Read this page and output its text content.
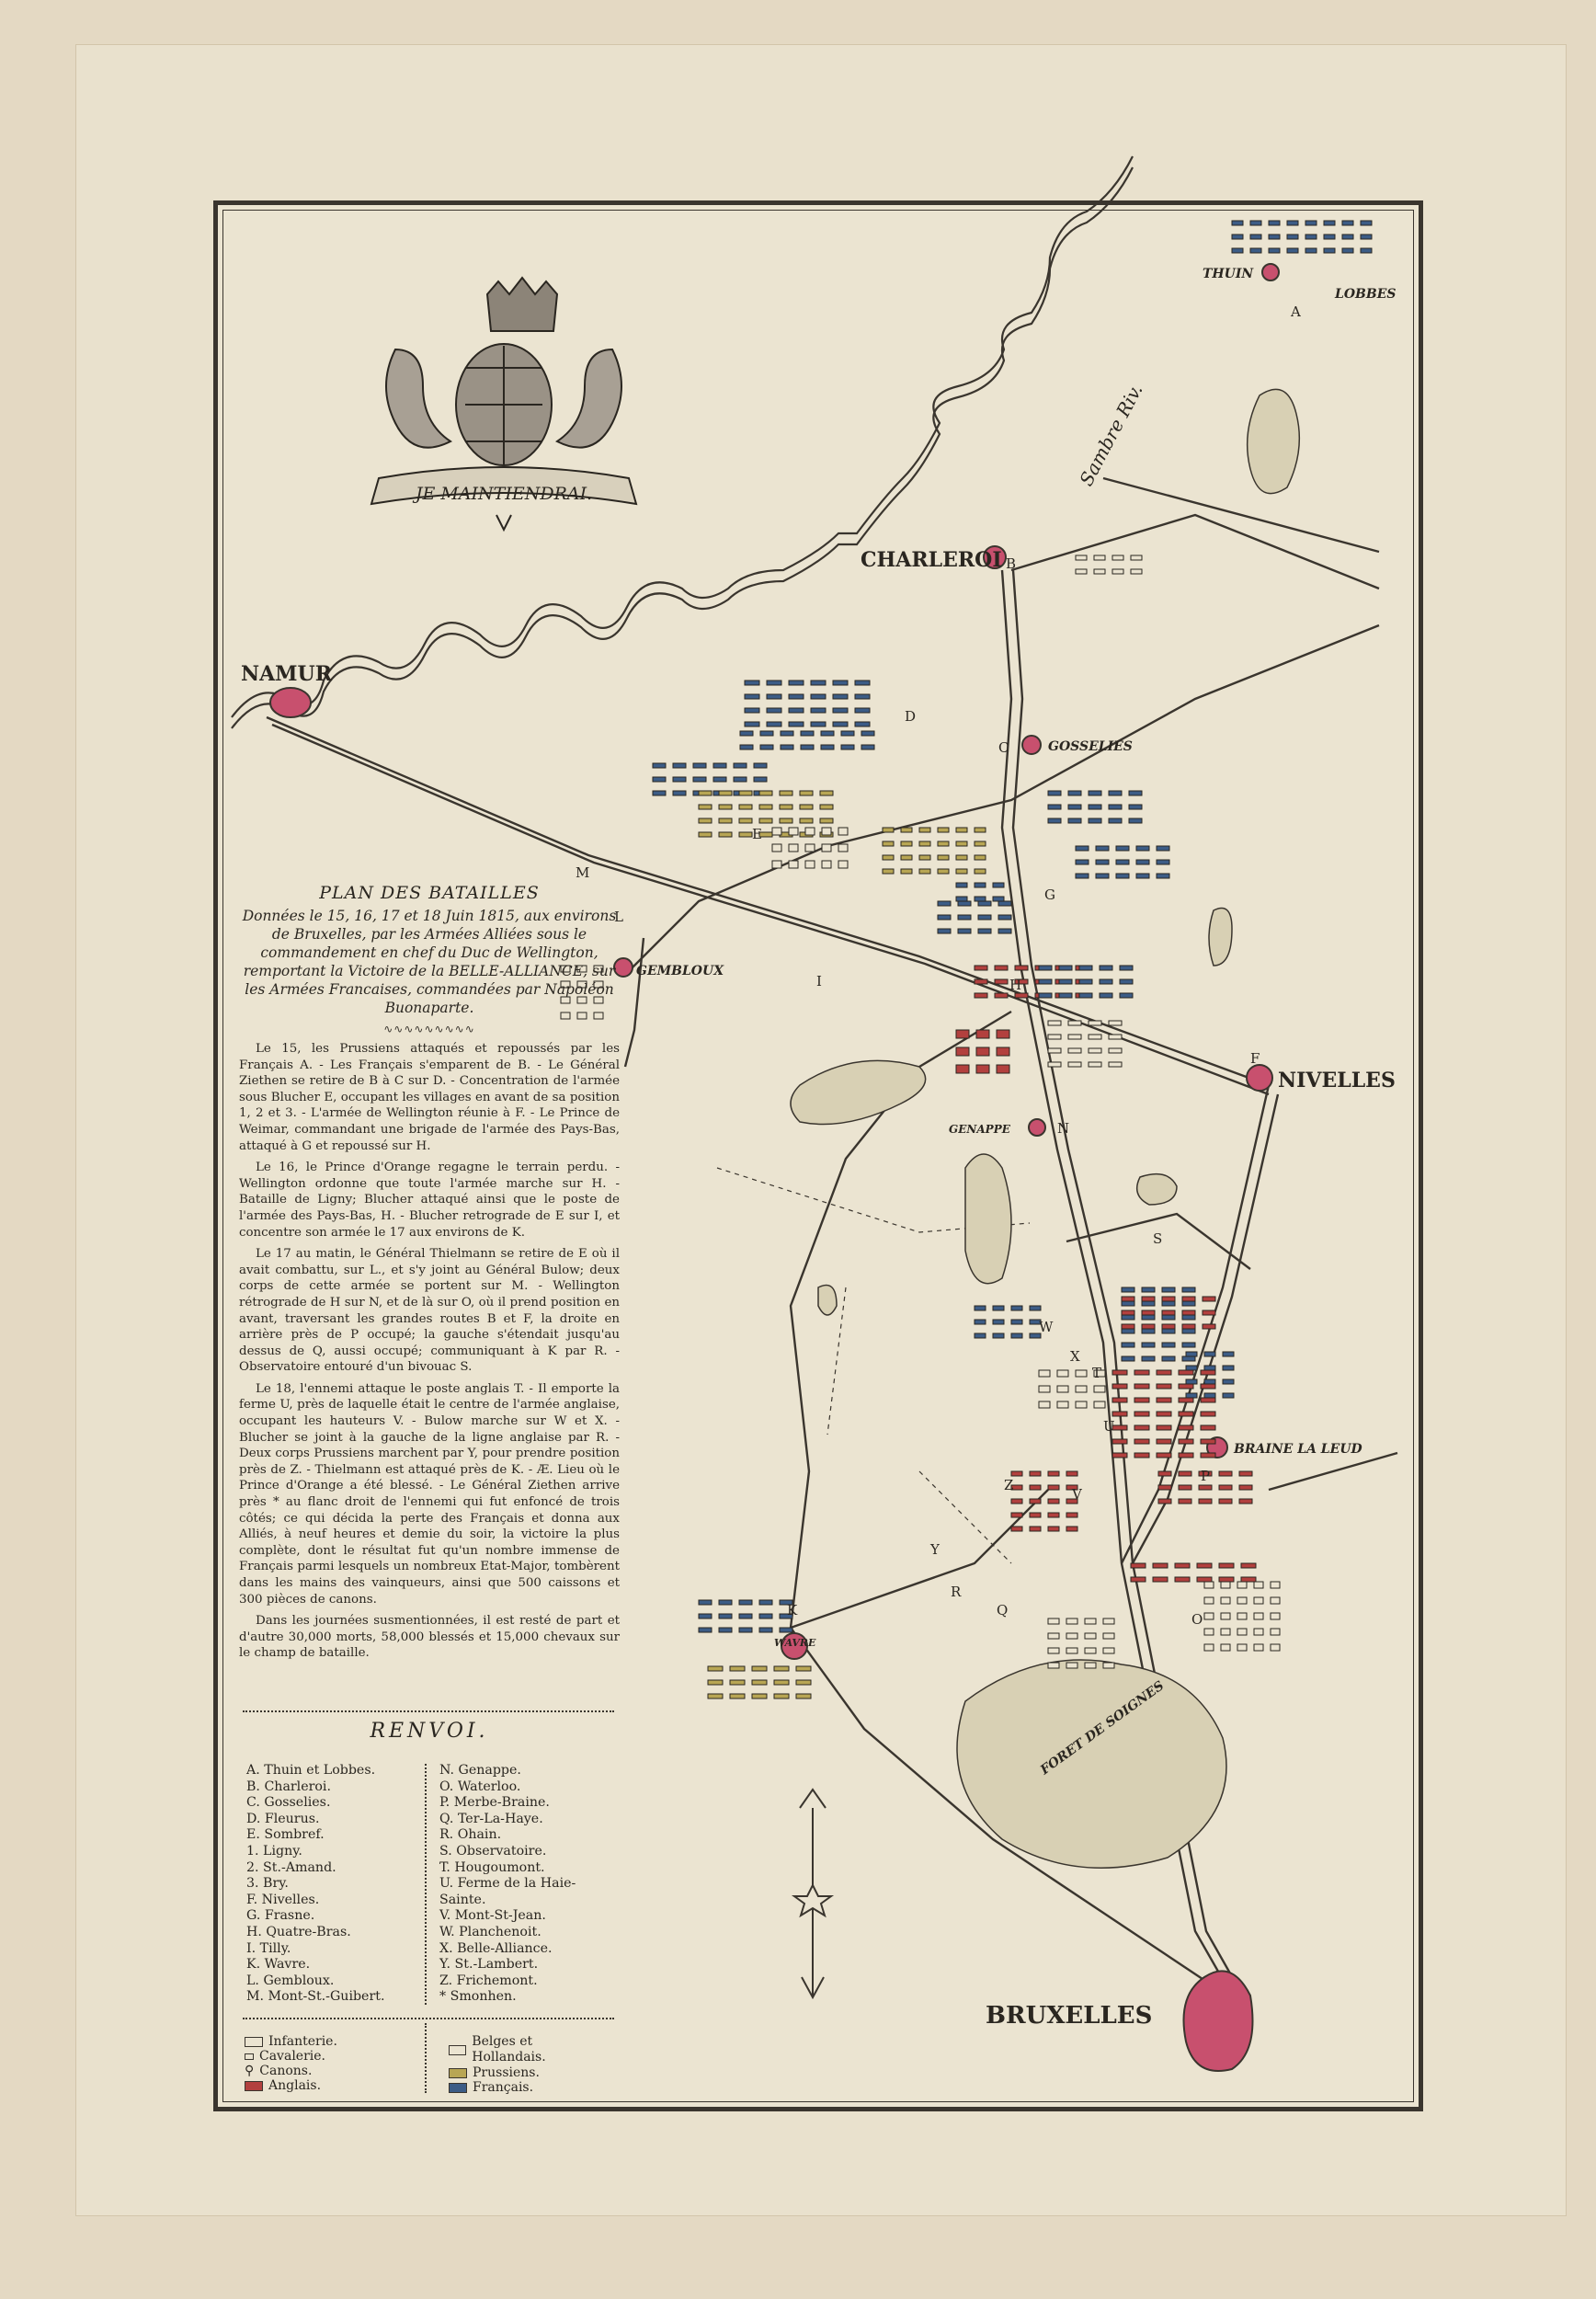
JE MAINTIENDRAI.
NAMUR
CHARLEROI
THUIN
LOBBES
Sambre Riv.
GOSSELIES
GEMBLOUX
NIVELLES
GENAPPE
BRAINE LA LEUD
WAVRE
FORET DE SOIGNES
BRUXELLES
A
B
C
D
E
G
H
I
L
M
N
F
S
W
X
T
U
Z
Y
R
K	Q
O
P
V
PLAN DES BATAILLES
Données le 15, 16, 17 et 18 Juin 1815, aux environs de Bruxelles, par les Armées Alliées sous le commandement en chef du Duc de Wellington, remportant la Victoire de la BELLE-ALLIANCE, sur les Armées Francaises, commandées par Napoléon Buonaparte.
∿∿∿∿∿∿∿∿∿

Le 15, les Prussiens attaqués et repoussés par les Français A. - Les Français s'emparent de B. - Le Général Ziethen se retire de B à C sur D. - Concentration de l'armée sous Blucher E, occupant les villages en avant de sa position 1, 2 et 3. - L'armée de Wellington réunie à F. - Le Prince de Weimar, commandant une brigade de l'armée des Pays-Bas, attaqué à G et repoussé sur H.

Le 16, le Prince d'Orange regagne le terrain perdu. - Wellington ordonne que toute l'armée marche sur H. - Bataille de Ligny; Blucher attaqué ainsi que le poste de l'armée des Pays-Bas, H. - Blucher retrograde de E sur I, et concentre son armée le 17 aux environs de K.

Le 17 au matin, le Général Thielmann se retire de E où il avait combattu, sur L., et s'y joint au Général Bulow; deux corps de cette armée se portent sur M. - Wellington rétrograde de H sur N, et de là sur O, où il prend position en avant, traversant les grandes routes B et F, la droite en arrière près de P occupé; la gauche s'étendait jusqu'au dessus de Q, aussi occupé; communiquant à K par R. - Observatoire entouré d'un bivouac S.

Le 18, l'ennemi attaque le poste anglais T. - Il emporte la ferme U, près de laquelle était le centre de l'armée anglaise, occupant les hauteurs V. - Bulow marche sur W et X. - Blucher se joint à la gauche de la ligne anglaise par R. - Deux corps Prussiens marchent par Y, pour prendre position près de Z. - Thielmann est attaqué près de K. - Æ. Lieu où le Prince d'Orange a été blessé. - Le Général Ziethen arrive près * au flanc droit de l'ennemi qui fut enfoncé de trois côtés; ce qui décida la perte des Français et donna aux Alliés, à neuf heures et demie du soir, la victoire la plus complète, dont le résultat fut qu'un nombre immense de Français parmi lesquels un nombreux Etat-Major, tombèrent dans les mains des vainqueurs, ainsi que 500 caissons et 300 pièces de canons.

Dans les journées susmentionnées, il est resté de part et d'autre 30,000 morts, 58,000 blessés et 15,000 chevaux sur le champ de bataille.

RENVOI.
A. Thuin et Lobbes.
B. Charleroi.
C. Gosselies.
D. Fleurus.
E. Sombref.
1. Ligny.
2. St.-Amand.
3. Bry.
F. Nivelles.
G. Frasne.
H. Quatre-Bras.
I. Tilly.
K. Wavre.
L. Gembloux.
M. Mont-St.-Guibert.
N. Genappe.
O. Waterloo.
P. Merbe-Braine.
Q. Ter-La-Haye.
R. Ohain.
S. Observatoire.
T. Hougoumont.
U. Ferme de la Haie-
Sainte.
V. Mont-St-Jean.
W. Planchenoit.
X. Belle-Alliance.
Y. St.-Lambert.
Z. Frichemont.
* Smonhen.
Infanterie.
Cavalerie.
⚲ Canons.
Anglais.
Belges et Hollandais.
Prussiens.
Français.
